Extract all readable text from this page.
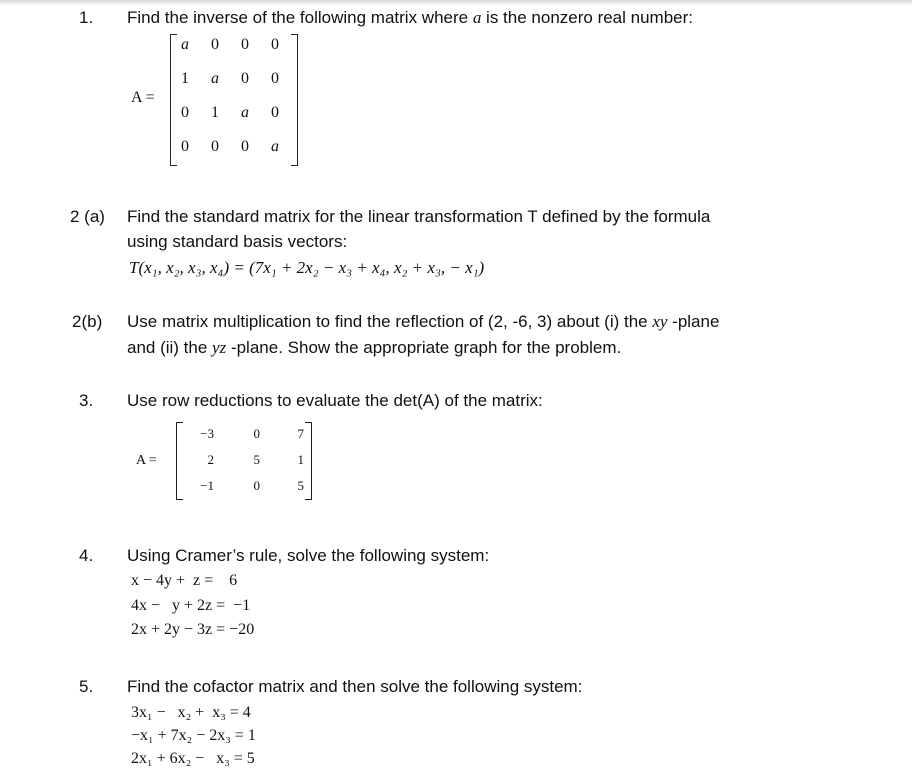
1. Find the inverse of the following matrix where a is the nonzero real number:
A =
a	0	0	0
1	a	0	0
0	1	a	0
0	0	0	a
2 (a) Find the standard matrix for the linear transformation T defined by the formula
using standard basis vectors:
T(x₁, x₂, x₃, x₄) = (7x₁ + 2x₂ − x₃ + x₄, x₂ + x₃, − x₁)
2(b) Use matrix multiplication to find the reflection of (2, -6, 3) about (i) the xy -plane
and (ii) the yz -plane. Show the appropriate graph for the problem.
3. Use row reductions to evaluate the det(A) of the matrix:
A =
−3	0	7
2	5	1
−1	0	5
4. Using Cramer’s rule, solve the following system:
x − 4y +  z =    6
4x −   y + 2z =  −1
2x + 2y − 3z = −20
5. Find the cofactor matrix and then solve the following system:
3x₁ −   x₂ +  x₃ = 4
−x₁ + 7x₂ − 2x₃ = 1
2x₁ + 6x₂ −   x₃ = 5
